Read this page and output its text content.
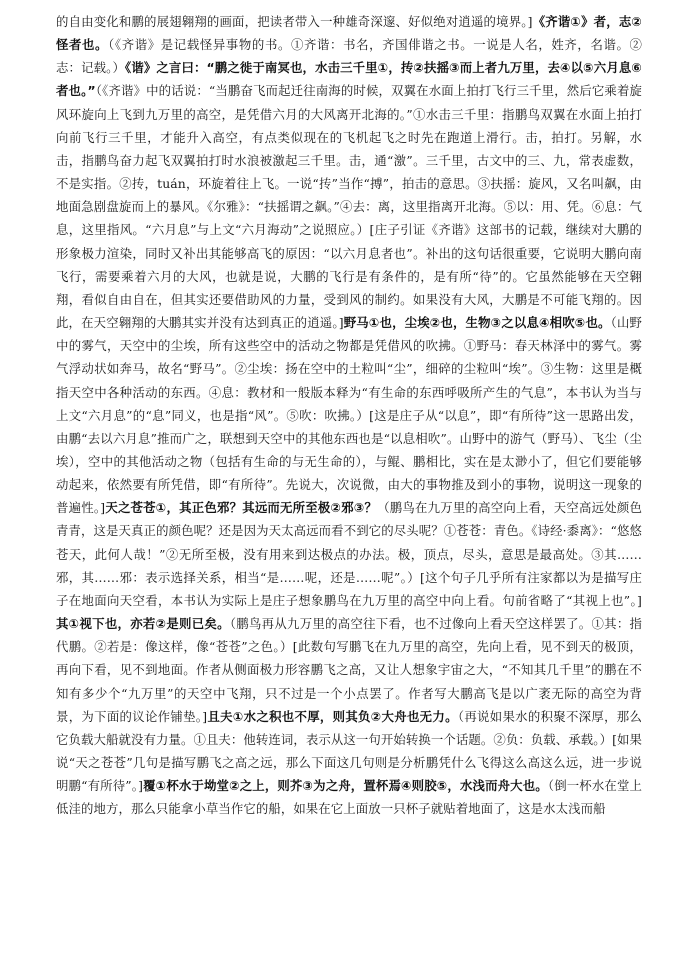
的自由变化和鹏的展翅翱翔的画面，把读者带入一种雄奇深邃、好似绝对逍遥的境界。]《齐谐①》者，志②怪者也。（《齐谐》是记载怪异事物的书。①齐谐：书名，齐国俳谐之书。一说是人名，姓齐，名谐。②志：记载。）《谐》之言曰：“鹏之徙于南冥也，水击三千里①，抟②扶摇③而上者九万里，去④以⑤六月息⑥者也。”（《齐谐》中的话说：“当鹏奋飞而起迁往南海的时候，双翼在水面上拍打飞行三千里，然后它乘着旋风环旋向上飞到九万里的高空，是凭借六月的大风离开北海的。”①水击三千里：指鹏鸟双翼在水面上拍打向前飞行三千里，才能升入高空，有点类似现在的飞机起飞之时先在跑道上滑行。击，拍打。另解，水击，指鹏鸟奋力起飞双翼拍打时水浪被激起三千里。击，通“激”。三千里，古文中的三、九，常表虚数，不是实指。②抟，tuán，环旋着往上飞。一说“抟”当作“搏”，拍击的意思。③扶摇：旋风，又名叫飙，由地面急剧盘旋而上的暴风。《尔雅》：“扶摇谓之飙。”④去：离，这里指离开北海。⑤以：用、凭。⑥息：气息，这里指风。“六月息”与上文“六月海动”之说照应。）[庄子引证《齐谐》这部书的记载，继续对大鹏的形象极力渲染，同时又补出其能够高飞的原因：“以六月息者也”。补出的这句话很重要，它说明大鹏向南飞行，需要乘着六月的大风，也就是说，大鹏的飞行是有条件的，是有所“待”的。它虽然能够在天空翱翔，看似自由自在，但其实还要借助风的力量，受到风的制约。如果没有大风，大鹏是不可能飞翔的。因此，在天空翱翔的大鹏其实并没有达到真正的逍遥。]野马①也，尘埃②也，生物③之以息④相吹⑤也。（山野中的雾气，天空中的尘埃，所有这些空中的活动之物都是凭借风的吹拂。①野马：春天林泽中的雾气。雾气浮动状如奔马，故名“野马”。②尘埃：扬在空中的土粒叫“尘”，细碎的尘粒叫“埃”。③生物：这里是概指天空中各种活动的东西。④息：教材和一般版本释为“有生命的东西呼吸所产生的气息”，本书认为当与上文“六月息”的“息”同义，也是指“风”。⑤吹：吹拂。）[这是庄子从“以息”，即“有所待”这一思路出发，由鹏“去以六月息”推而广之，联想到天空中的其他东西也是“以息相吹”。山野中的游气（野马）、飞尘（尘埃），空中的其他活动之物（包括有生命的与无生命的），与鲲、鹏相比，实在是太渺小了，但它们要能够动起来，依然要有所凭借，即“有所待”。先说大，次说微，由大的事物推及到小的事物，说明这一现象的普遍性。]天之苍苍①，其正色邪？其远而无所至极②邪③？（鹏鸟在九万里的高空向上看，天空高远处颜色青青，这是天真正的颜色呢？还是因为天太高远而看不到它的尽头呢？①苍苍：青色。《诗经·黍离》：“悠悠苍天，此何人哉！”②无所至极，没有用来到达极点的办法。极，顶点，尽头，意思是最高处。③其……邪，其……邪：表示选择关系，相当“是……呢，还是……呢”。）[这个句子几乎所有注家都以为是描写庄子在地面向天空看，本书认为实际上是庄子想象鹏鸟在九万里的高空中向上看。句前省略了“其视上也”。]其①视下也，亦若②是则已矣。（鹏鸟再从九万里的高空往下看，也不过像向上看天空这样罢了。①其：指代鹏。②若是：像这样，像“苍苍”之色。）[此数句写鹏飞在九万里的高空，先向上看，见不到天的极顶，再向下看，见不到地面。作者从侧面极力形容鹏飞之高，又让人想象宇宙之大，“不知其几千里”的鹏在不知有多少个“九万里”的天空中飞翔，只不过是一个小点罢了。作者写大鹏高飞是以广袤无际的高空为背景，为下面的议论作铺垫。]且夫①水之积也不厚，则其负②大舟也无力。（再说如果水的积聚不深厚，那么它负载大船就没有力量。①且夫：他转连词，表示从这一句开始转换一个话题。②负：负载、承载。）[如果说“天之苍苍”几句是描写鹏飞之高之远，那么下面这几句则是分析鹏凭什么飞得这么高这么远，进一步说明鹏“有所待”。]覆①杯水于坳堂②之上，则芥③为之舟，置杯焉④则胶⑤，水浅而舟大也。（倒一杯水在堂上低洼的地方，那么只能拿小草当作它的船，如果在它上面放一只杯子就贴着地面了，这是水太浅而船
